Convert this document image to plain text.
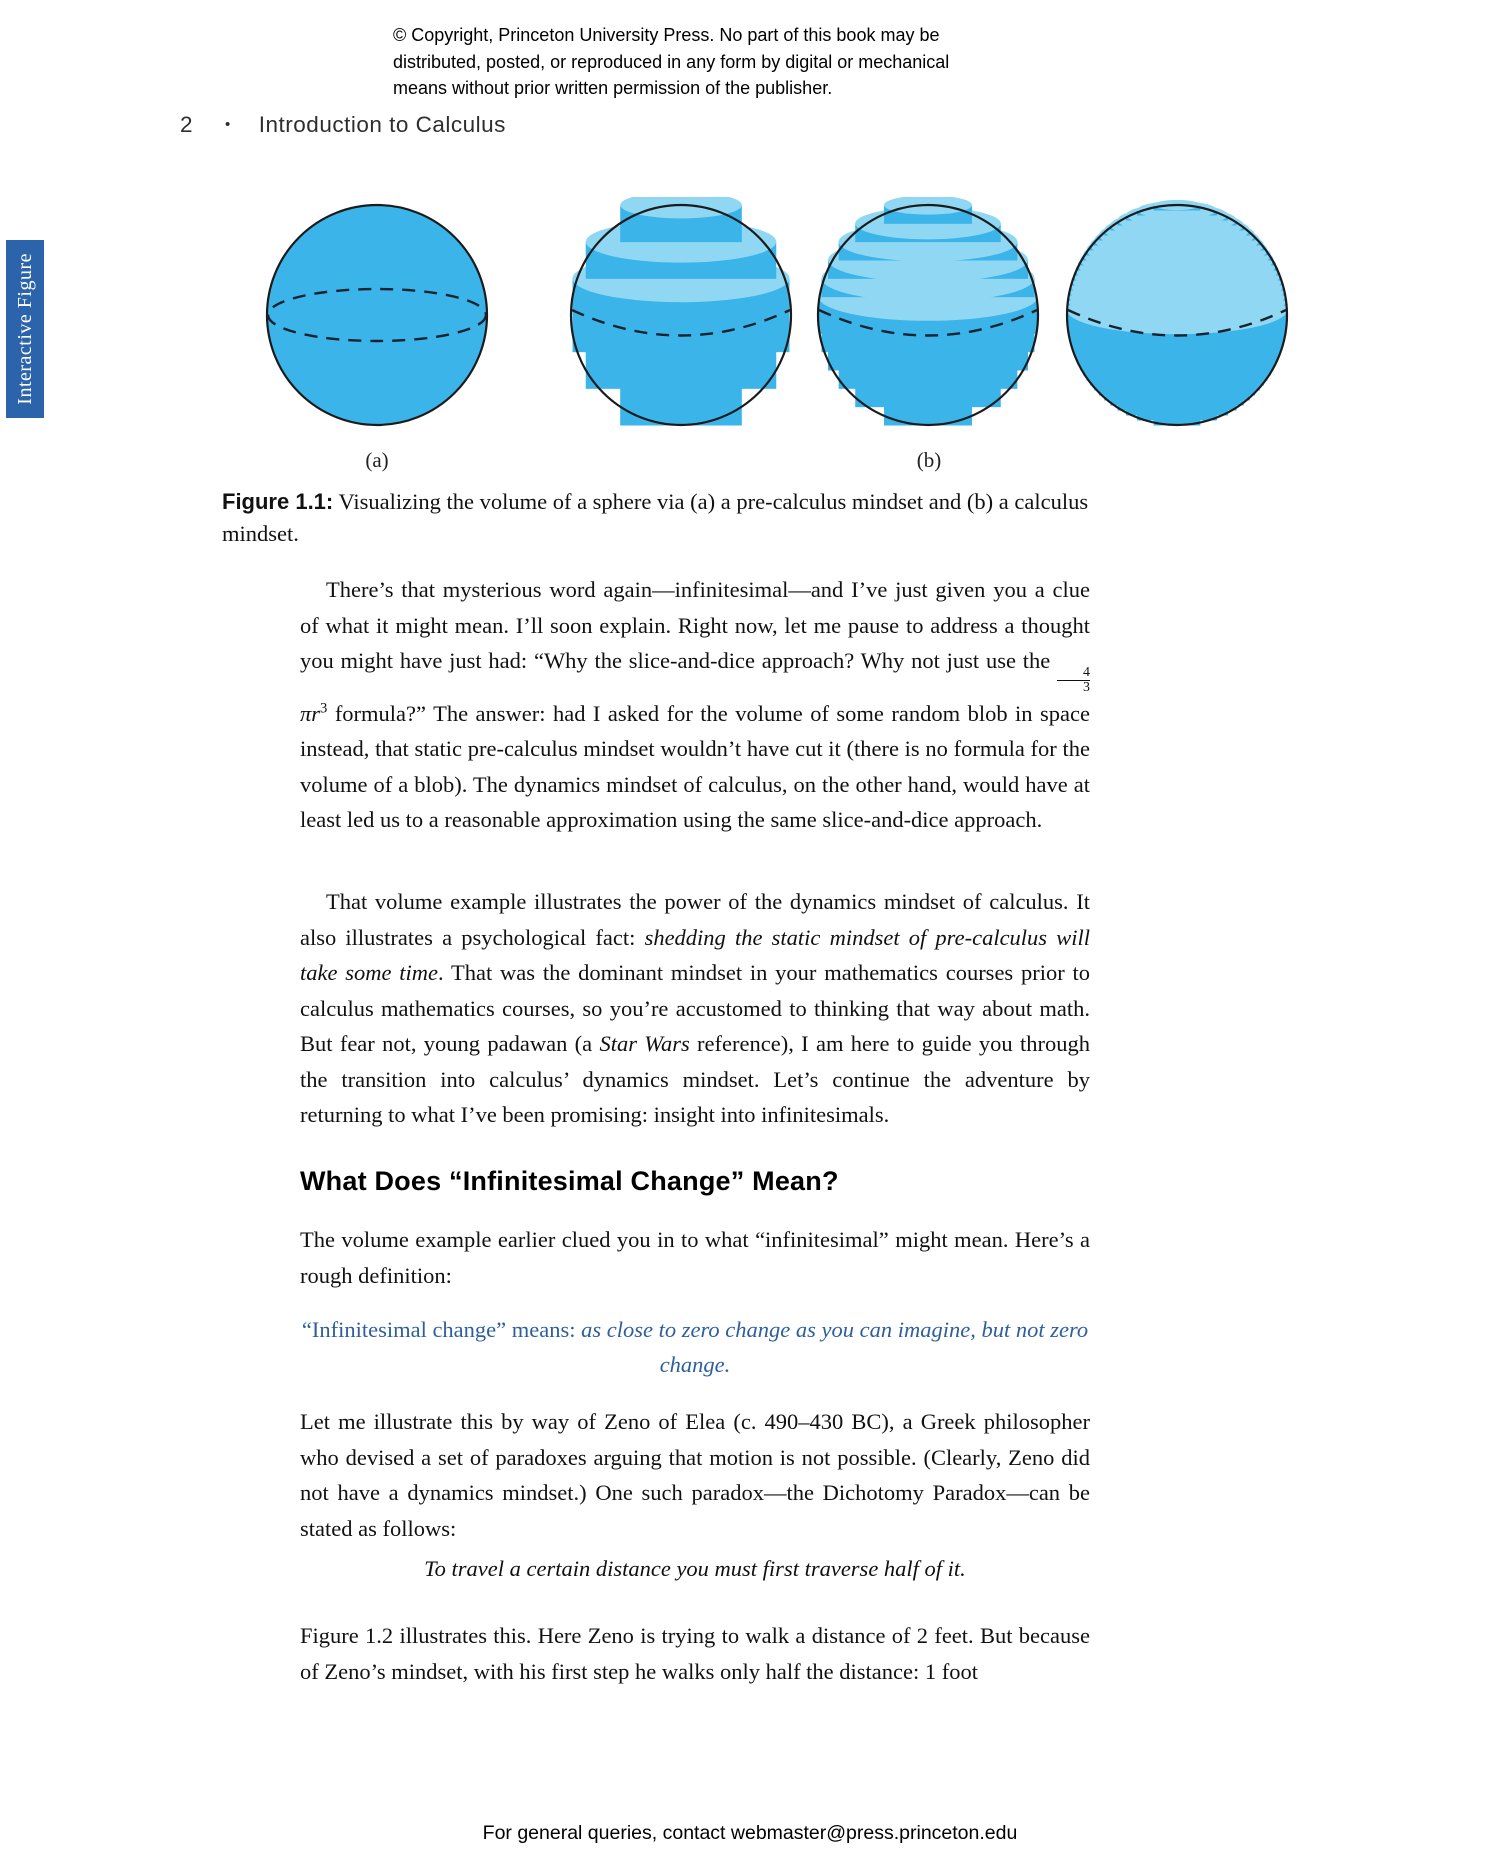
© Copyright, Princeton University Press. No part of this book may be
distributed, posted, or reproduced in any form by digital or mechanical
means without prior written permission of the publisher.
2 • Introduction to Calculus
Interactive Figure
(a)	(b)

Figure 1.1: Visualizing the volume of a sphere via (a) a pre-calculus mindset and (b) a calculus mindset.

There’s that mysterious word again—infinitesimal—and I’ve just given you a clue of what it might mean. I’ll soon explain. Right now, let me pause to address a thought you might have just had: “Why the slice-and-dice approach? Why not just use the
$\frac{4}{3}$
$\pi r^3$ formula?” The answer: had I asked for the volume of some random blob in space instead, that static pre-calculus mindset wouldn’t have cut it (there is no formula for the volume of a blob). The dynamics mindset of calculus, on the other hand, would have at least led us to a reasonable approximation using the same slice-and-dice approach.

That volume example illustrates the power of the dynamics mindset of calculus. It also illustrates a psychological fact: shedding the static mindset of pre-calculus will take some time. That was the dominant mindset in your mathematics courses prior to calculus mathematics courses, so you’re accustomed to thinking that way about math. But fear not, young padawan (a Star Wars reference), I am here to guide you through the transition into calculus’ dynamics mindset. Let’s continue the adventure by returning to what I’ve been promising: insight into infinitesimals.

What Does “Infinitesimal Change” Mean?

The volume example earlier clued you in to what “infinitesimal” might mean. Here’s a rough definition:

“Infinitesimal change” means: as close to zero change as you can imagine, but not zero change.

Let me illustrate this by way of Zeno of Elea (c. 490–430 BC), a Greek philosopher who devised a set of paradoxes arguing that motion is not possible. (Clearly, Zeno did not have a dynamics mindset.) One such paradox—the Dichotomy Paradox—can be stated as follows:

To travel a certain distance you must first traverse half of it.

Figure 1.2 illustrates this. Here Zeno is trying to walk a distance of 2 feet. But because of Zeno’s mindset, with his first step he walks only half the distance: 1 foot

For general queries, contact webmaster@press.princeton.edu
